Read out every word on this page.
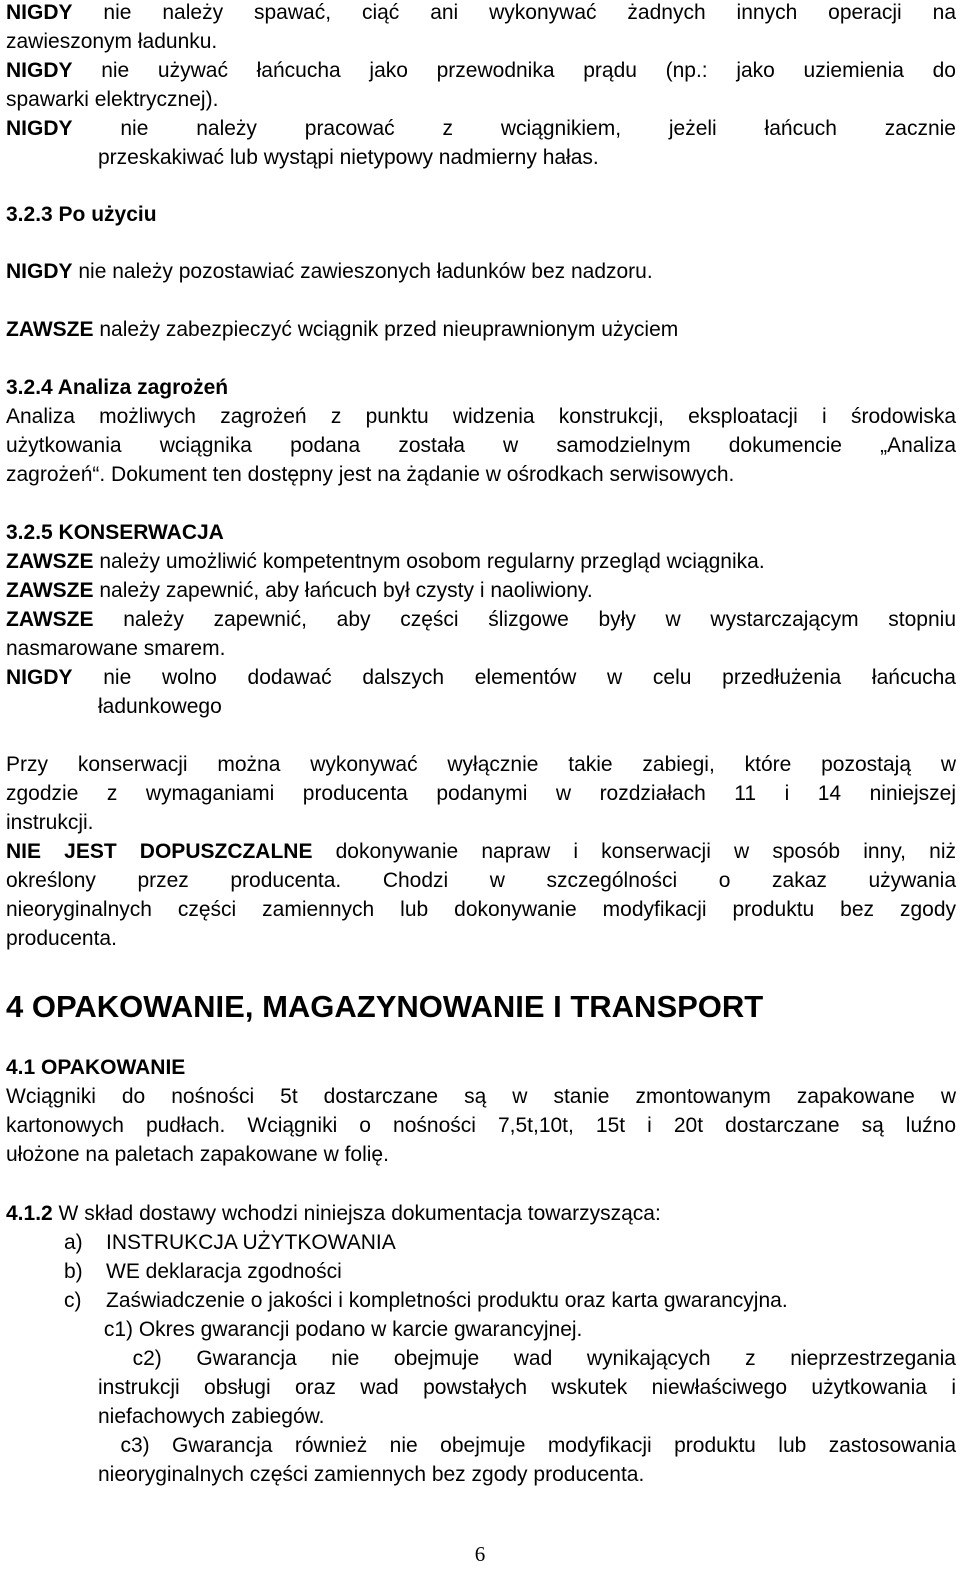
NIGDY nie należy spawać, ciąć ani wykonywać żadnych innych operacji na
zawieszonym ładunku.
NIGDY nie używać łańcucha jako przewodnika prądu (np.: jako uziemienia do
spawarki elektrycznej).
NIGDY nie należy pracować z wciągnikiem, jeżeli łańcuch zacznie
przeskakiwać lub wystąpi nietypowy nadmierny hałas.
3.2.3 Po użyciu
NIGDY nie należy pozostawiać zawieszonych ładunków bez nadzoru.
ZAWSZE należy zabezpieczyć wciągnik przed nieuprawnionym użyciem
3.2.4 Analiza zagrożeń
Analiza możliwych zagrożeń z punktu widzenia konstrukcji, eksploatacji i środowiska
użytkowania wciągnika podana została w samodzielnym dokumencie „Analiza
zagrożeń“. Dokument ten dostępny jest na żądanie w ośrodkach serwisowych.
3.2.5 KONSERWACJA
ZAWSZE należy umożliwić kompetentnym osobom regularny przegląd wciągnika.
ZAWSZE należy zapewnić, aby łańcuch był czysty i naoliwiony.
ZAWSZE należy zapewnić, aby części ślizgowe były w wystarczającym stopniu
nasmarowane smarem.
NIGDY nie wolno dodawać dalszych elementów w celu przedłużenia łańcucha
ładunkowego
Przy konserwacji można wykonywać wyłącznie takie zabiegi, które pozostają w
zgodzie z wymaganiami producenta podanymi w rozdziałach 11 i 14 niniejszej
instrukcji.
NIE JEST DOPUSZCZALNE dokonywanie napraw i konserwacji w sposób inny, niż
określony przez producenta. Chodzi w szczególności o zakaz używania
nieoryginalnych części zamiennych lub dokonywanie modyfikacji produktu bez zgody
producenta.
4 OPAKOWANIE, MAGAZYNOWANIE I TRANSPORT
4.1 OPAKOWANIE
Wciągniki do nośności 5t dostarczane są w stanie zmontowanym zapakowane w
kartonowych pudłach. Wciągniki o nośności 7,5t,10t, 15t i 20t dostarczane są luźno
ułożone na paletach zapakowane w folię.
4.1.2 W skład dostawy wchodzi niniejsza dokumentacja towarzysząca:
a) INSTRUKCJA UŻYTKOWANIA
b) WE deklaracja zgodności
c) Zaświadczenie o jakości i kompletności produktu oraz karta gwarancyjna.
c1) Okres gwarancji podano w karcie gwarancyjnej.
c2) Gwarancja nie obejmuje wad wynikających z nieprzestrzegania
instrukcji obsługi oraz wad powstałych wskutek niewłaściwego użytkowania i
niefachowych zabiegów.
c3) Gwarancja również nie obejmuje modyfikacji produktu lub zastosowania
nieoryginalnych części zamiennych bez zgody producenta.
6
